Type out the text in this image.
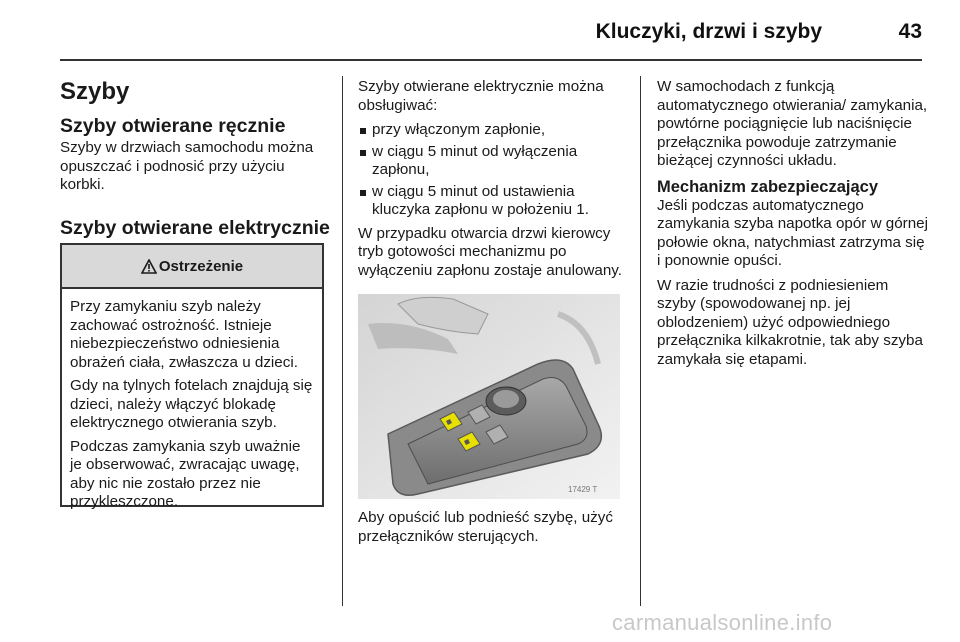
Kluczyki, drzwi i szyby	43
Szyby
Szyby otwierane ręcznie

Szyby w drzwiach samochodu można opuszczać i podnosić przy użyciu korbki.

Szyby otwierane elektrycznie
Ostrzeżenie

Przy zamykaniu szyb należy zachować ostrożność. Istnieje niebezpieczeństwo odniesienia obrażeń ciała, zwłaszcza u dzieci.

Gdy na tylnych fotelach znajdują się dzieci, należy włączyć blokadę elektrycznego otwierania szyb.

Podczas zamykania szyb uważnie je obserwować, zwracając uwagę, aby nic nie zostało przez nie przykleszczone.

Szyby otwierane elektrycznie można obsługiwać:

przy włączonym zapłonie,
w ciągu 5 minut od wyłączenia zapłonu,
w ciągu 5 minut od ustawienia kluczyka zapłonu w położeniu 1.

W przypadku otwarcia drzwi kierowcy tryb gotowości mechanizmu po wyłączeniu zapłonu zostaje anulowany.

17429 T

Aby opuścić lub podnieść szybę, użyć przełączników sterujących.

W samochodach z funkcją automatycznego otwierania/ zamykania, powtórne pociągnięcie lub naciśnięcie przełącznika powoduje zatrzymanie bieżącej czynności układu.

Mechanizm zabezpieczający

Jeśli podczas automatycznego zamykania szyba napotka opór w górnej połowie okna, natychmiast zatrzyma się i ponownie opuści.

W razie trudności z podniesieniem szyby (spowodowanej np. jej oblodzeniem) użyć odpowiedniego przełącznika kilkakrotnie, tak aby szyba zamykała się etapami.

carmanualsonline.info
